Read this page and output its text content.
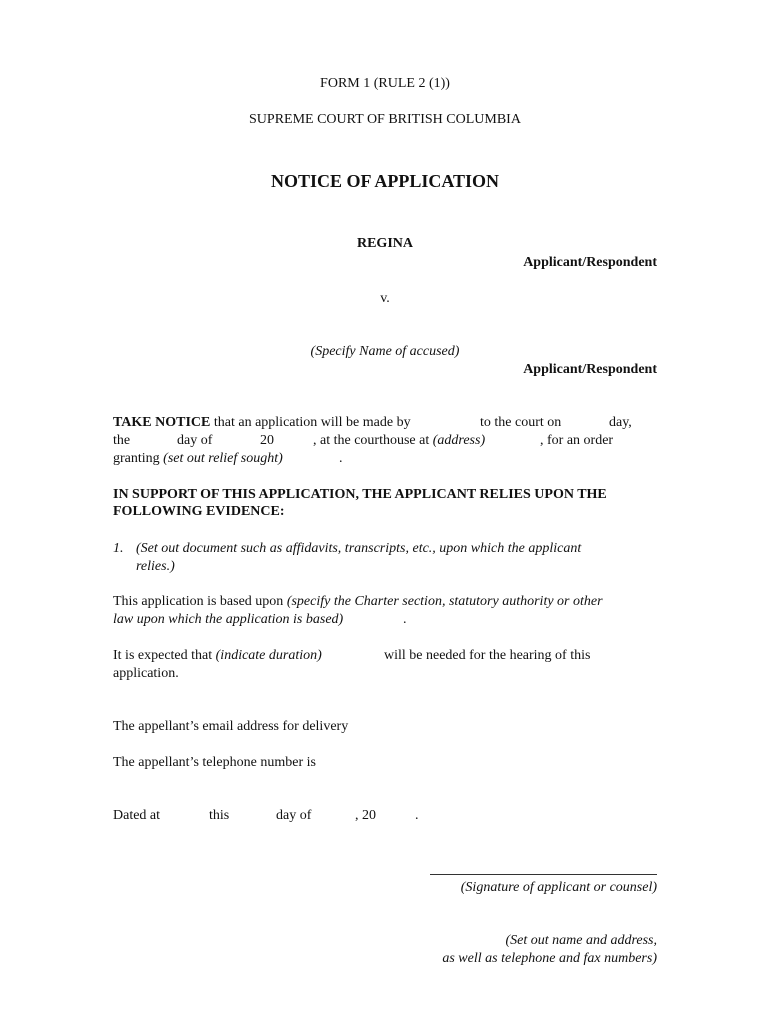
FORM 1 (RULE 2 (1))
SUPREME COURT OF BRITISH COLUMBIA
NOTICE OF APPLICATION
REGINA
Applicant/Respondent
v.
(Specify Name of accused)
Applicant/Respondent
TAKE NOTICE that an application will be made by	to the court on	day,
the	day of	20	, at the courthouse at (address)	, for an order
granting (set out relief sought)	.
IN SUPPORT OF THIS APPLICATION, THE APPLICANT RELIES UPON THE
FOLLOWING EVIDENCE:
1. (Set out document such as affidavits, transcripts, etc., upon which the applicant
relies.)
This application is based upon (specify the Charter section, statutory authority or other
law upon which the application is based)	.
It is expected that (indicate duration)	will be needed for the hearing of this
application.
The appellant’s email address for delivery
The appellant’s telephone number is
Dated at	this	day of	, 20	.
(Signature of applicant or counsel)
(Set out name and address,
as well as telephone and fax numbers)
